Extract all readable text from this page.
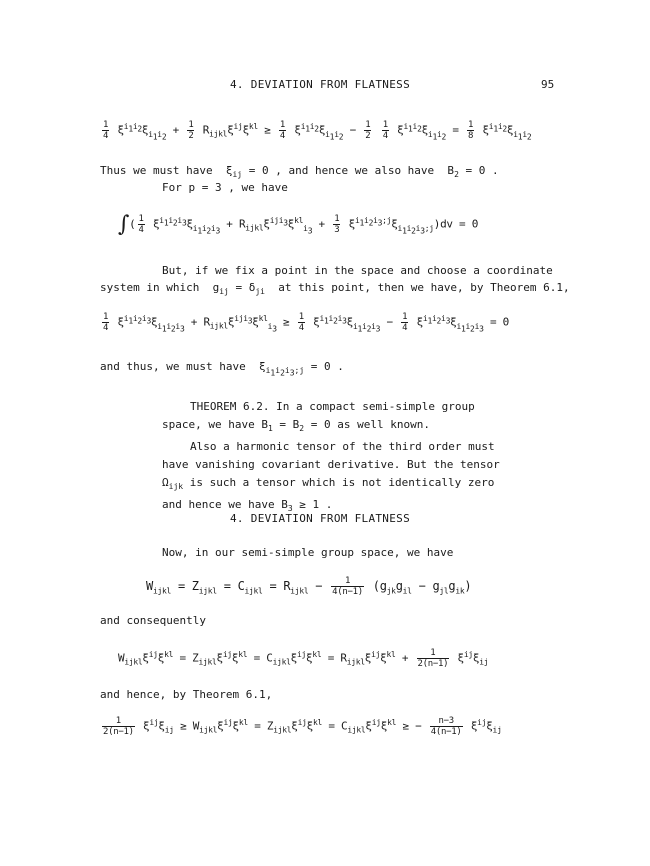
4. DEVIATION FROM FLATNESS	95
$\frac{1}{4} \xi^{i_1i_2}\xi_{i_1i_2} + \frac{1}{2} R_{ijkl}\xi^{ij}\xi^{kl} \ge \frac{1}{4} \xi^{i_1i_2}\xi_{i_1i_2} - \frac{1}{2}$
$\frac{1}{4} \xi^{i_1i_2}\xi_{i_1i_2} = \frac{1}{8} \xi^{i_1i_2}\xi_{i_1i_2}$
Thus we must have  $\xi_{ij} = 0$ , and hence we also have  $B_2 = 0$ .
For p = 3 , we have
∫( $\frac{1}{4} \xi^{i_1i_2i_3}\xi_{i_1i_2i_3} + R_{ijkl}\xi^{iji_3}\xi^{kl}_{i_3} + \frac{1}{3} \xi^{i_1i_2i_3;j}\xi_{i_1i_2i_3;j})dv = 0$
But, if we fix a point in the space and choose a coordinate
system in which  $g_{ij} = \delta_{ji}$ at this point, then we have, by Theorem 6.1,
$\frac{1}{4} \xi^{i_1i_2i_3}\xi_{i_1i_2i_3} + R_{ijkl}\xi^{iji_3}\xi^{kl}_{i_3} \ge \frac{1}{4} \xi^{i_1i_2i_3}\xi_{i_1i_2i_3} - \frac{1}{4} \xi^{i_1i_2i_3}\xi_{i_1i_2i_3} = 0$
and thus, we must have  $\xi_{i_1i_2i_3;j} = 0$ .
THEOREM 6.2. In a compact semi-simple group
space, we have $B_1 = B_2 = 0$ as well known.
Also a harmonic tensor of the third order must
have vanishing covariant derivative. But the tensor
$\Omega_{ijk}$ is such a tensor which is not identically zero
and hence we have $B_3 \ge 1$ .
4. DEVIATION FROM FLATNESS
Now, in our semi-simple group space, we have
$W_{ijkl} = Z_{ijkl} = C_{ijkl} = R_{ijkl} - \frac{1}{4(n-1)} (g_{jk}g_{il} - g_{jl}g_{ik})$
and consequently
$W_{ijkl}\xi^{ij}\xi^{kl} = Z_{ijkl}\xi^{ij}\xi^{kl} = C_{ijkl}\xi^{ij}\xi^{kl} = R_{ijkl}\xi^{ij}\xi^{kl} + \frac{1}{2(n-1)} \xi^{ij}\xi_{ij}$
and hence, by Theorem 6.1,
$\frac{1}{2(n-1)} \xi^{ij}\xi_{ij} \ge W_{ijkl}\xi^{ij}\xi^{kl} = Z_{ijkl}\xi^{ij}\xi^{kl} = C_{ijkl}\xi^{ij}\xi^{kl}$ ≥ − $\frac{n-3}{4(n-1)} \xi^{ij}\xi_{ij}$
